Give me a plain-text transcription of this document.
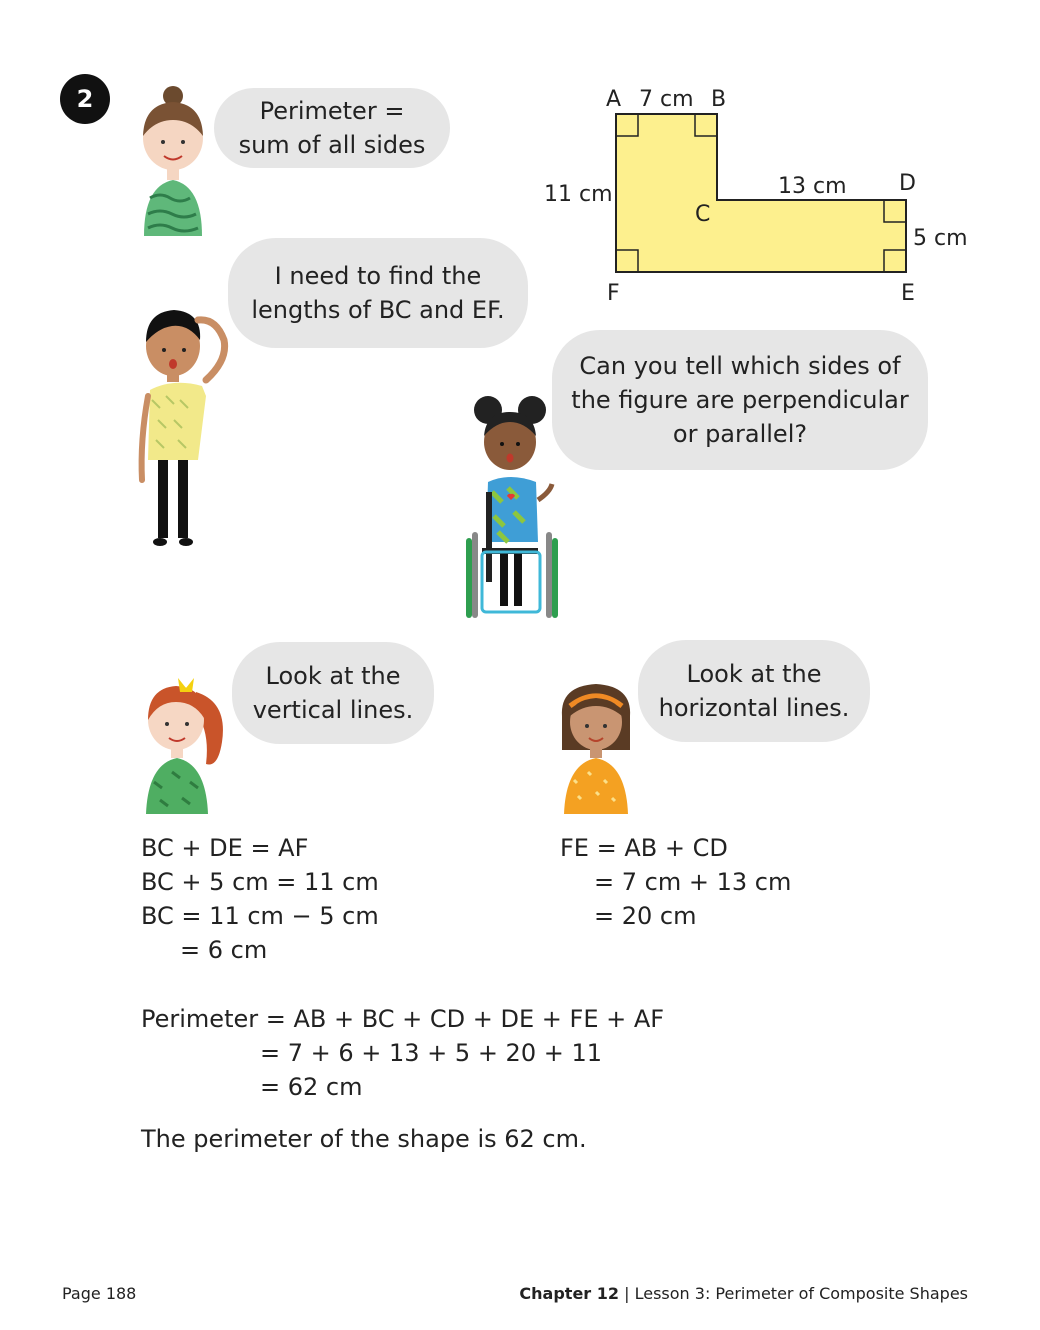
2	Perimeter =
sum of all sides
A	B
C
D
E
F
7 cm
11 cm	13 cm
5 cm
I need to find the
lengths of BC and EF.
Can you tell which sides of
the figure are perpendicular
or parallel?
Look at the
vertical lines.
Look at the
horizontal lines.
BC + DE = AF
BC + 5 cm = 11 cm
BC = 11 cm − 5 cm
= 6 cm
FE = AB + CD
= 7 cm + 13 cm
= 20 cm
Perimeter = AB + BC + CD + DE + FE + AF
= 7 + 6 + 13 + 5 + 20 + 11
= 62 cm
The perimeter of the shape is 62 cm.
Page 188	Chapter 12 | Lesson 3: Perimeter of Composite Shapes
